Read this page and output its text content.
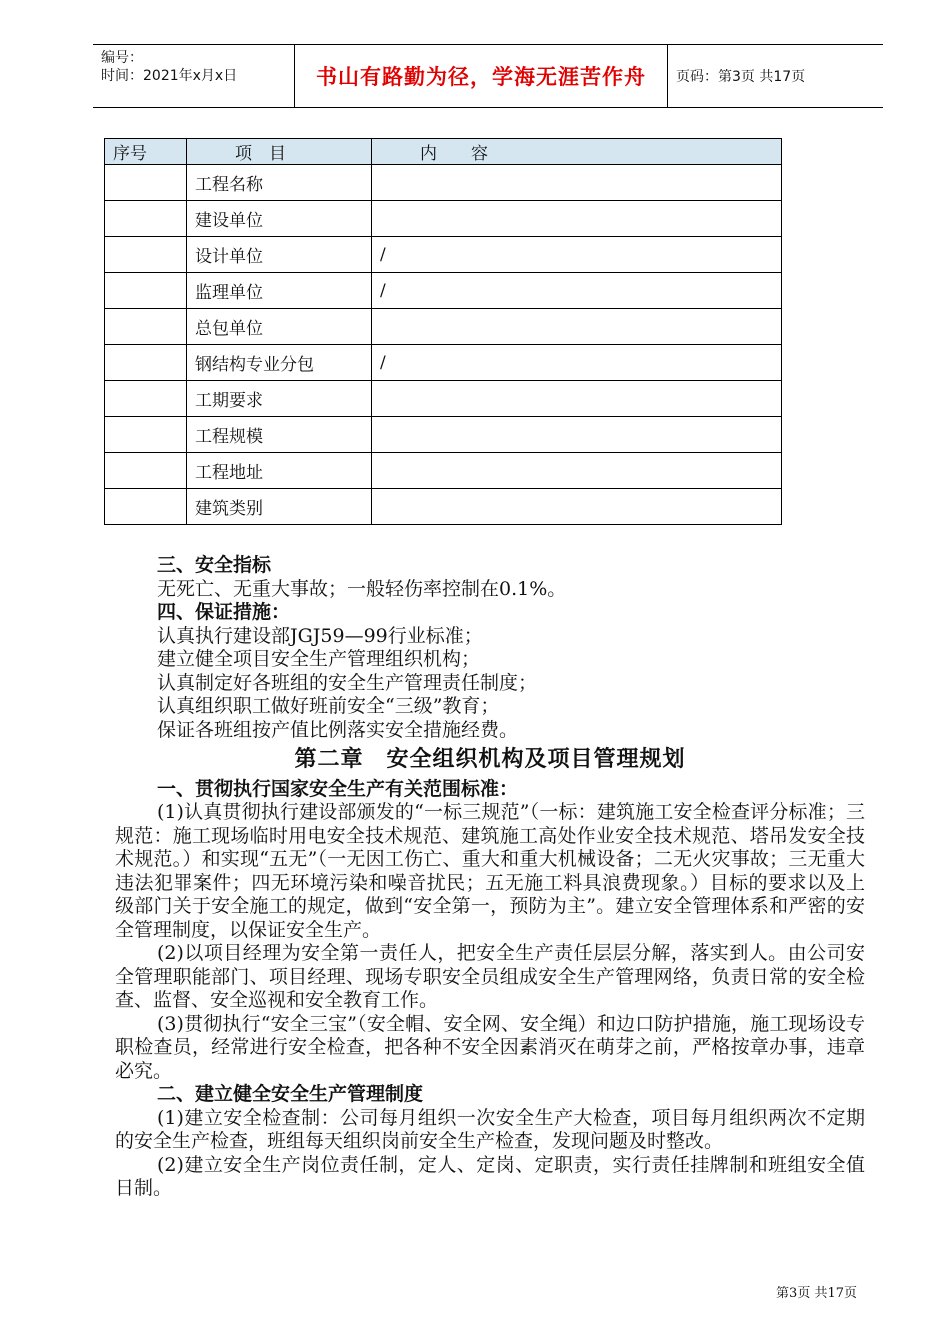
编号：
时间：2021年x月x日	书山有路勤为径，学海无涯苦作舟	页码：第3页 共17页
序号	项　目	内　　容
	工程名称	
	建设单位	
	设计单位	/
	监理单位	/
	总包单位	
	钢结构专业分包	/
	工期要求	
	工程规模	
	工程地址	
	建筑类别	

三、安全指标

无死亡、无重大事故；一般轻伤率控制在0.1%。

四、保证措施：

认真执行建设部JGJ59—99行业标准；

建立健全项目安全生产管理组织机构；

认真制定好各班组的安全生产管理责任制度；

认真组织职工做好班前安全“三级”教育；

保证各班组按产值比例落实安全措施经费。

第二章　安全组织机构及项目管理规划

一、贯彻执行国家安全生产有关范围标准：

(1)认真贯彻执行建设部颁发的“一标三规范”（一标：建筑施工安全检查评分标准；三规范：施工现场临时用电安全技术规范、建筑施工高处作业安全技术规范、塔吊发安全技术规范。）和实现“五无”（一无因工伤亡、重大和重大机械设备；二无火灾事故；三无重大违法犯罪案件；四无环境污染和噪音扰民；五无施工料具浪费现象。）目标的要求以及上级部门关于安全施工的规定，做到“安全第一，预防为主”。建立安全管理体系和严密的安全管理制度，以保证安全生产。

(2)以项目经理为安全第一责任人，把安全生产责任层层分解，落实到人。由公司安全管理职能部门、项目经理、现场专职安全员组成安全生产管理网络，负责日常的安全检查、监督、安全巡视和安全教育工作。

(3)贯彻执行“安全三宝”（安全帽、安全网、安全绳）和边口防护措施，施工现场设专职检查员，经常进行安全检查，把各种不安全因素消灭在萌芽之前，严格按章办事，违章必究。

二、建立健全安全生产管理制度

(1)建立安全检查制：公司每月组织一次安全生产大检查，项目每月组织两次不定期的安全生产检查，班组每天组织岗前安全生产检查，发现问题及时整改。

(2)建立安全生产岗位责任制，定人、定岗、定职责，实行责任挂牌制和班组安全值日制。

第3页 共17页
